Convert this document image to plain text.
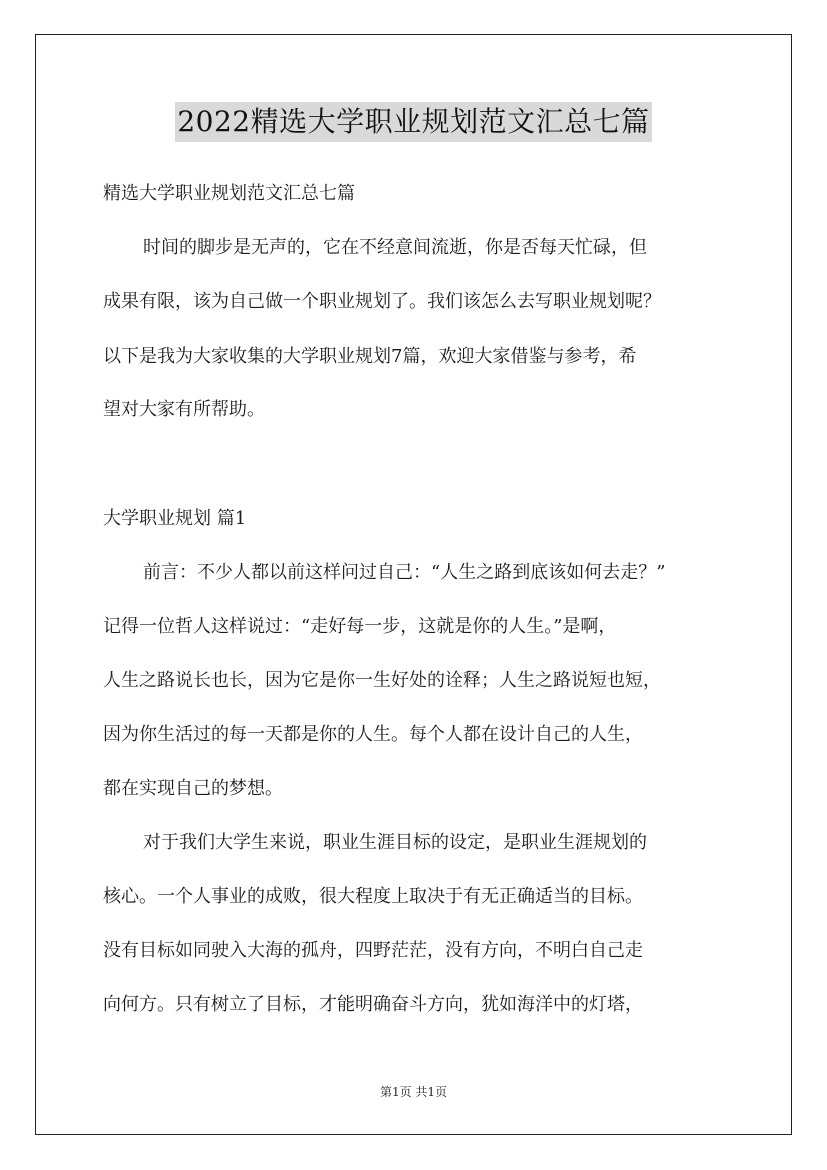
2022精选大学职业规划范文汇总七篇
精选大学职业规划范文汇总七篇
时间的脚步是无声的，它在不经意间流逝，你是否每天忙碌，但
成果有限，该为自己做一个职业规划了。我们该怎么去写职业规划呢？
以下是我为大家收集的大学职业规划7篇，欢迎大家借鉴与参考，希
望对大家有所帮助。
大学职业规划 篇1
前言：不少人都以前这样问过自己：“人生之路到底该如何去走？”
记得一位哲人这样说过：“走好每一步，这就是你的人生。”是啊，
人生之路说长也长，因为它是你一生好处的诠释；人生之路说短也短，
因为你生活过的每一天都是你的人生。每个人都在设计自己的人生，
都在实现自己的梦想。
对于我们大学生来说，职业生涯目标的设定，是职业生涯规划的
核心。一个人事业的成败，很大程度上取决于有无正确适当的目标。
没有目标如同驶入大海的孤舟，四野茫茫，没有方向，不明白自己走
向何方。只有树立了目标，才能明确奋斗方向，犹如海洋中的灯塔，
第1页 共1页
